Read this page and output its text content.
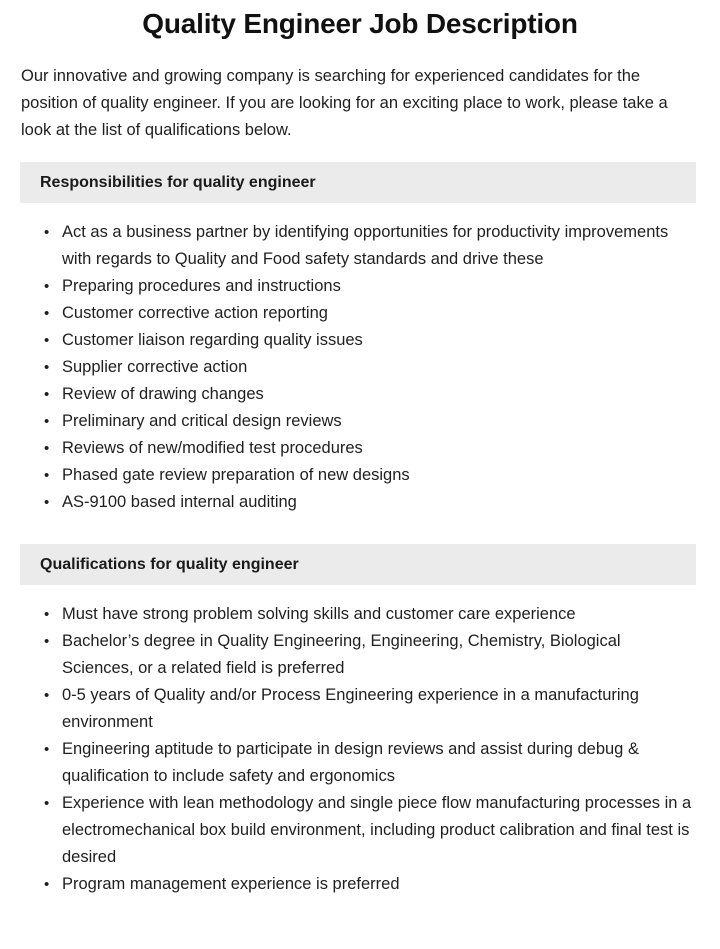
Quality Engineer Job Description

Our innovative and growing company is searching for experienced candidates for the position of quality engineer. If you are looking for an exciting place to work, please take a look at the list of qualifications below.

Responsibilities for quality engineer
• Act as a business partner by identifying opportunities for productivity improvements with regards to Quality and Food safety standards and drive these
• Preparing procedures and instructions
• Customer corrective action reporting
• Customer liaison regarding quality issues
• Supplier corrective action
• Review of drawing changes
• Preliminary and critical design reviews
• Reviews of new/modified test procedures
• Phased gate review preparation of new designs
• AS-9100 based internal auditing
Qualifications for quality engineer
• Must have strong problem solving skills and customer care experience
• Bachelor’s degree in Quality Engineering, Engineering, Chemistry, Biological Sciences, or a related field is preferred
• 0-5 years of Quality and/or Process Engineering experience in a manufacturing environment
• Engineering aptitude to participate in design reviews and assist during debug & qualification to include safety and ergonomics
• Experience with lean methodology and single piece flow manufacturing processes in a electromechanical box build environment, including product calibration and final test is desired
• Program management experience is preferred
